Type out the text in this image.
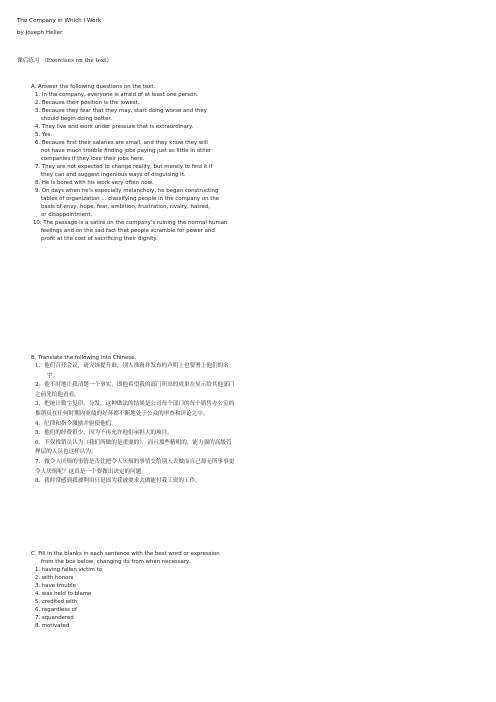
The Company in Which I Work
by Joseph Heller
课后练习 （Exercises on the text）
A. Answer the following questions on the text.
1. In the company, everyone is afraid of at least one person.
2. Because their position is the lowest.
3. Because they fear that they may, start doing worse and they
should begin doing better.
4. They live and work under pressure that is extraordinary.
5. Yes.
6. Because first their salaries are small, and they know they will
not have much trouble finding jobs paying just as little in other
companies if they lose their jobs here.
7. They are not expected to change reality, but merely to find it if
they can and suggest ingenious ways of disguising it.
8. He is bored with his work very often now.
9. On days when he's especially melancholy, he began constructing
tables of organization ... classifying people in the company on the
basis of envy, hope, fear, ambition, frustration, rivalry, hatred,
or disappointment.
10. The passage is a satire on the company's ruining the normal human
feelings and on the sad fact that people scramble for power and
profit at the cost of sacrificing their dignity.
B. Translate the following into Chinese.
1．他们召开会议，研究该提升谁，别人准备并发布的声明上也要署上他们的名
字。
2．他不时地让我清楚一个事实，即他希望我的部门所出的成果在显示给其他部门
之前先给他看看。
3．把统计数字复印，分发，这种做法的结果是公司每个部门的每个销售办公室的
推销员在任何时期内业绩的好坏都不断地处于公众的审查和评论之中。
4．纪律和指令激励并驱使他们。
5．他们的经费很少，因为不再允许他们承担大的项目。
6．不仅推销员认为（我们所做的是重要的），而且那些精明的、能力强的高级管
理层的人员也这样认为。
7．做令人厌烦的事情是否比把令人厌烦的事情交给别人去做而自己却无所事事更
令人厌烦呢？这真是一个要做出决定的问题。
8．我时常感到我被利用只是因为我被要求去做能付我工资的工作。
C. Fill in the blanks in each sentence with the best word or expression
from the box below, changing its from when necessary.
1. having fallen victim to
2. with honors
3. have trouble
4. was held to blame
5. credited with
6. regardless of
7. squandered
8. motivated
